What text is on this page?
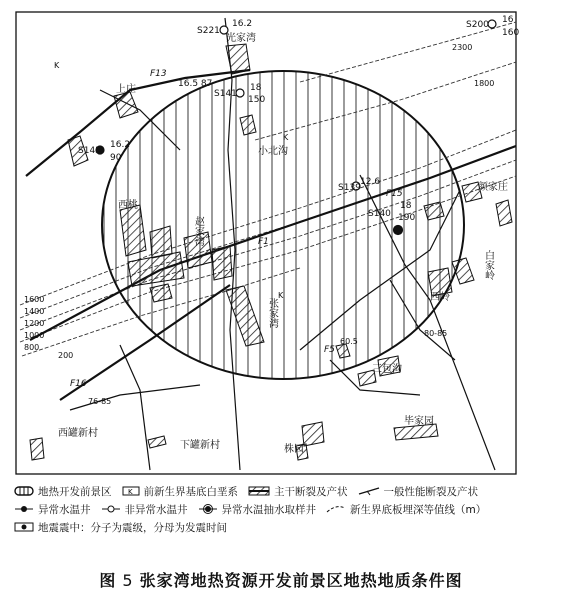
S221
16.2	S200 16
160
S141
18
150
16.5 87
S143
16.2
90
S139
12.6
S140
18
190
F13
F1
F15
F16
F5
2300
1800
1600
1400
1200
1000
800
200
80-85
76-85
60.5
K
K
K
光家湾
上庄
小北沟
西桃
颜家庄
西岭
三包沟
西罐新村
下罐新村	株园
毕家园
赵家湾
张家湾
白家岭
地热开发前景区 K 前新生界基底白垩系	主干断裂及产状	一般性能断裂及产状
异常水温井	非异常水温井	异常水温抽水取样井	新生界底板埋深等值线（m）
地震震中：分子为震级，分母为发震时间
图 5 张家湾地热资源开发前景区地热地质条件图
